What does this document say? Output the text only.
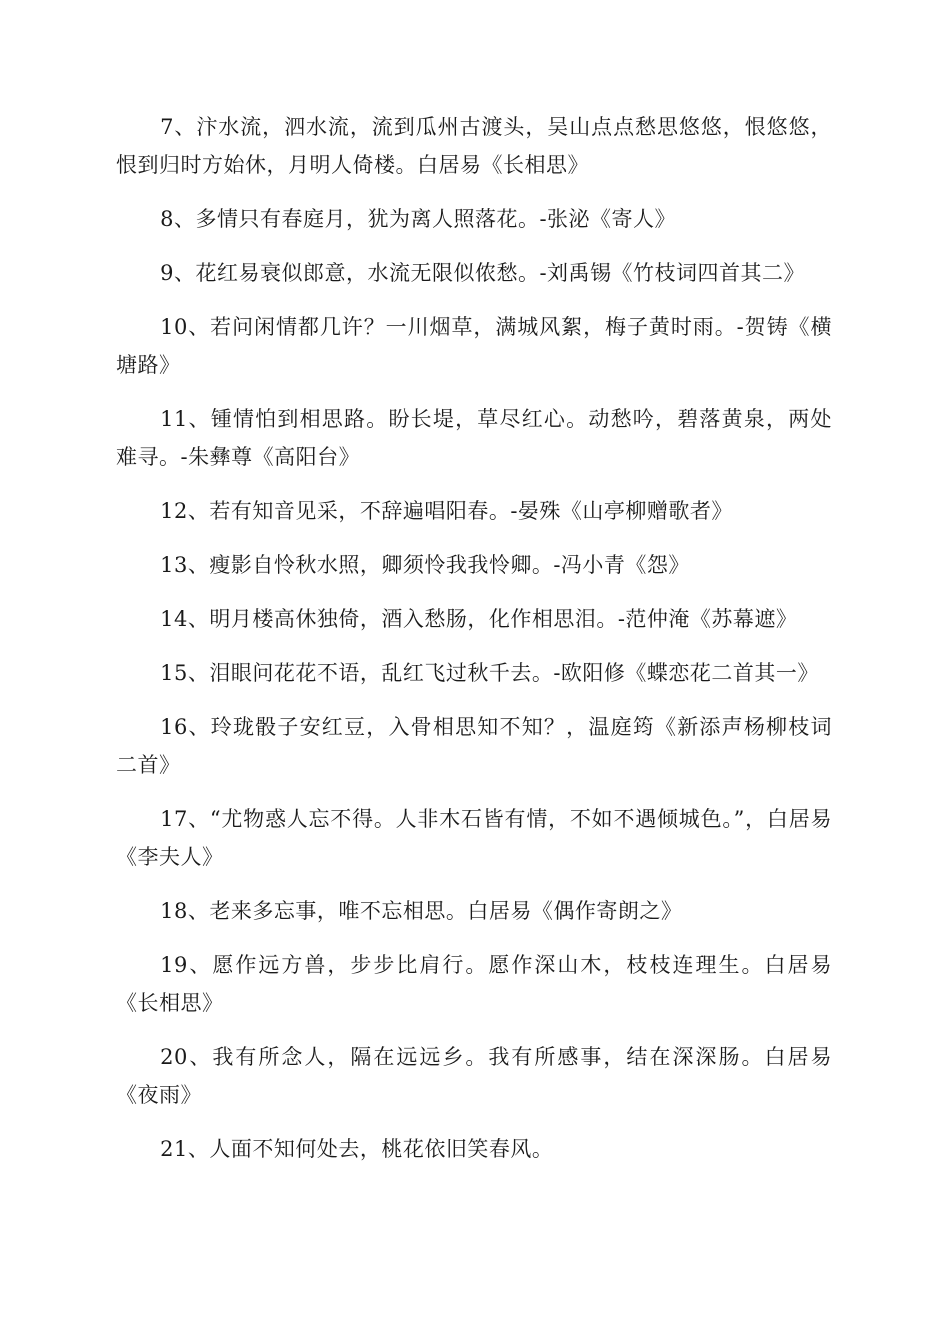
7、汴水流，泗水流，流到瓜州古渡头，吴山点点愁思悠悠，恨悠悠，恨到归时方始休，月明人倚楼。白居易《长相思》

8、多情只有春庭月，犹为离人照落花。-张泌《寄人》

9、花红易衰似郎意，水流无限似侬愁。-刘禹锡《竹枝词四首其二》

10、若问闲情都几许？一川烟草，满城风絮，梅子黄时雨。-贺铸《横塘路》

11、锺情怕到相思路。盼长堤，草尽红心。动愁吟，碧落黄泉，两处难寻。-朱彝尊《高阳台》

12、若有知音见采，不辞遍唱阳春。-晏殊《山亭柳赠歌者》

13、瘦影自怜秋水照，卿须怜我我怜卿。-冯小青《怨》

14、明月楼高休独倚，酒入愁肠，化作相思泪。-范仲淹《苏幕遮》

15、泪眼问花花不语，乱红飞过秋千去。-欧阳修《蝶恋花二首其一》

16、玲珑骰子安红豆，入骨相思知不知？，温庭筠《新添声杨柳枝词二首》

17、“尤物惑人忘不得。人非木石皆有情，不如不遇倾城色。”，白居易《李夫人》

18、老来多忘事，唯不忘相思。白居易《偶作寄朗之》

19、愿作远方兽，步步比肩行。愿作深山木，枝枝连理生。白居易《长相思》

20、我有所念人，隔在远远乡。我有所感事，结在深深肠。白居易《夜雨》

21、人面不知何处去，桃花依旧笑春风。
